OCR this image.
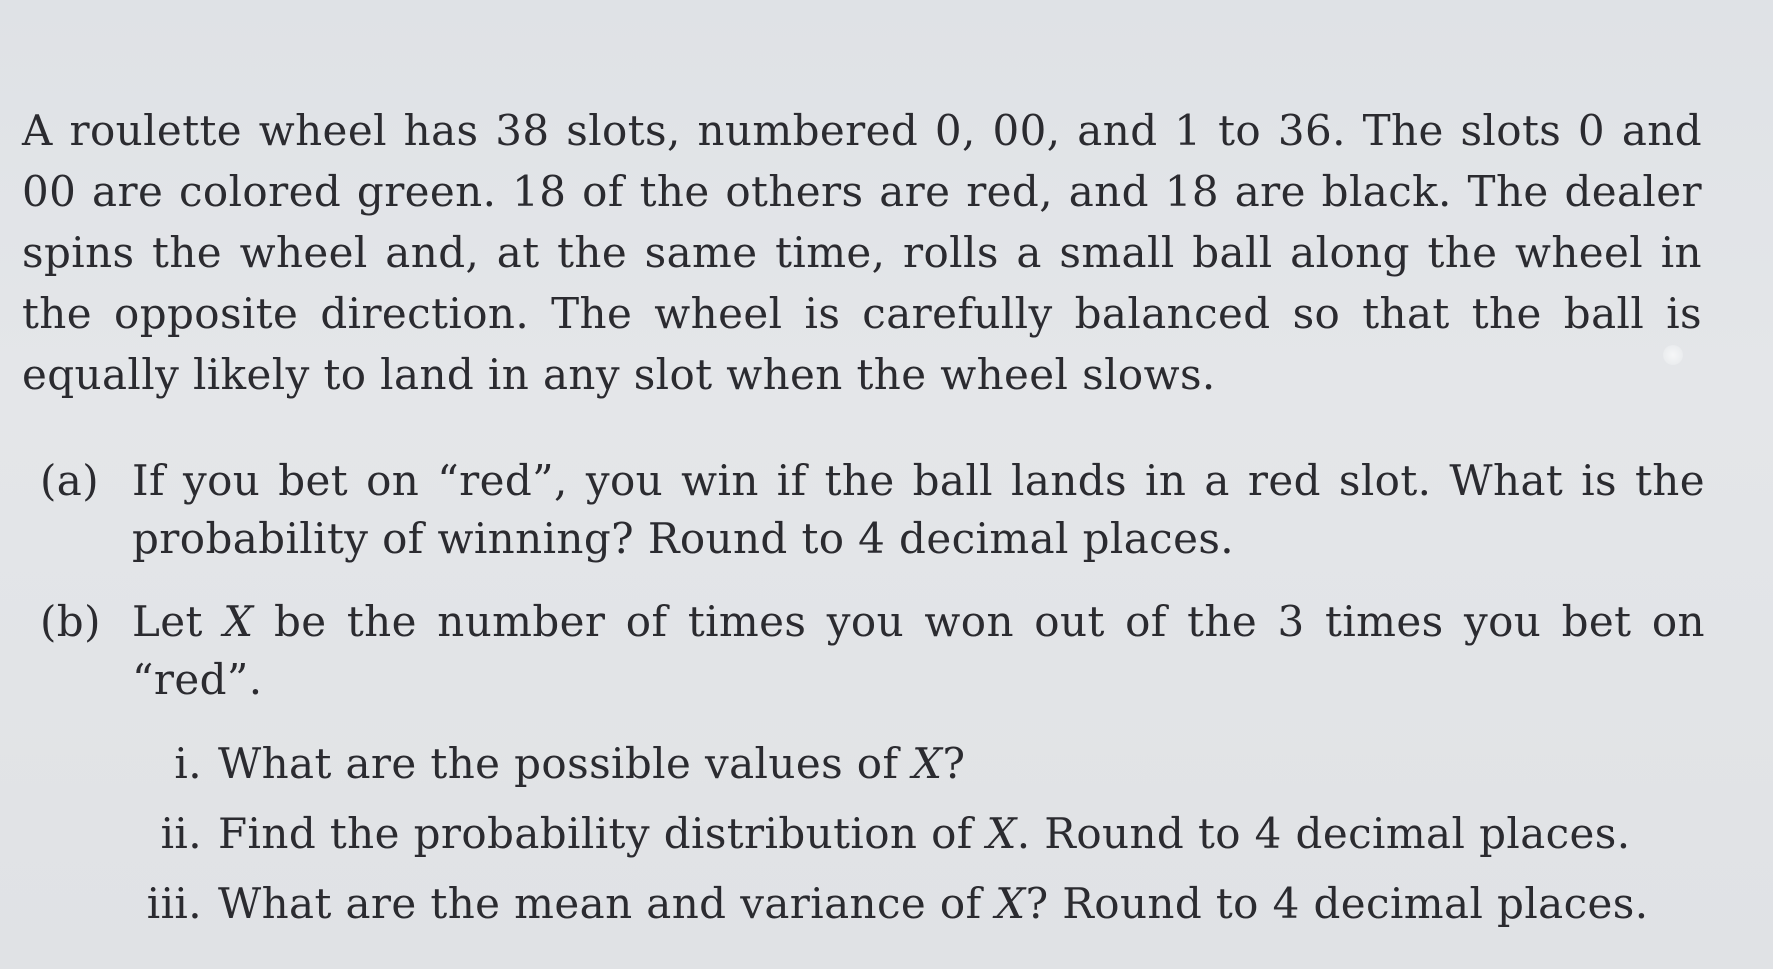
A roulette wheel has 38 slots, numbered 0, 00, and 1 to 36. The slots 0 and 00 are colored green. 18 of the others are red, and 18 are black. The dealer spins the wheel and, at the same time, rolls a small ball along the wheel in the opposite direction. The wheel is carefully balanced so that the ball is equally likely to land in any slot when the wheel slows.

(a) If you bet on “red”, you win if the ball lands in a red slot. What is the probability of winning? Round to 4 decimal places.
(b) Let X be the number of times you won out of the 3 times you bet on “red”.
i. What are the possible values of X?
ii. Find the probability distribution of X. Round to 4 decimal places.
iii. What are the mean and variance of X? Round to 4 decimal places.
